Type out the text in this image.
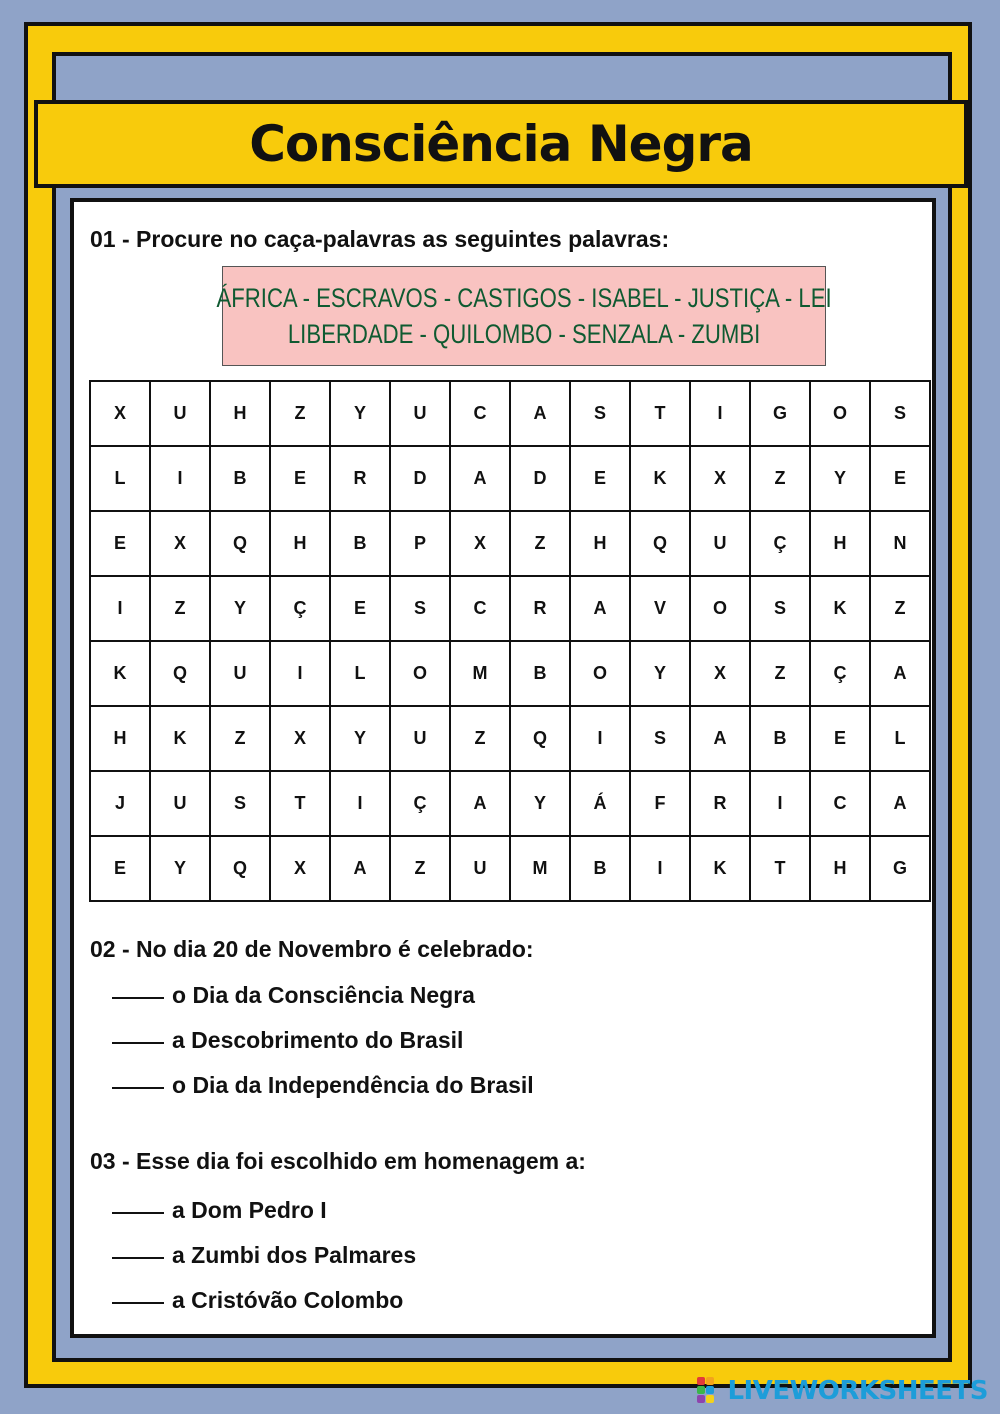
Consciência Negra

01 - Procure no caça-palavras as seguintes palavras:

ÁFRICA - ESCRAVOS - CASTIGOS - ISABEL - JUSTIÇA - LEI
LIBERDADE - QUILOMBO - SENZALA - ZUMBI
X	U	H	Z	Y	U	C	A	S	T	I	G	O	S
L	I	B	E	R	D	A	D	E	K	X	Z	Y	E
E	X	Q	H	B	P	X	Z	H	Q	U	Ç	H	N
I	Z	Y	Ç	E	S	C	R	A	V	O	S	K	Z
K	Q	U	I	L	O	M	B	O	Y	X	Z	Ç	A
H	K	Z	X	Y	U	Z	Q	I	S	A	B	E	L
J	U	S	T	I	Ç	A	Y	Á	F	R	I	C	A
E	Y	Q	X	A	Z	U	M	B	I	K	T	H	G

02 - No dia 20 de Novembro é celebrado:

o Dia da Consciência Negra

a Descobrimento do Brasil

o Dia da Independência do Brasil

03 - Esse dia foi escolhido em homenagem a:

a Dom Pedro I

a Zumbi dos Palmares

a Cristóvão Colombo

LIVEWORKSHEETS
